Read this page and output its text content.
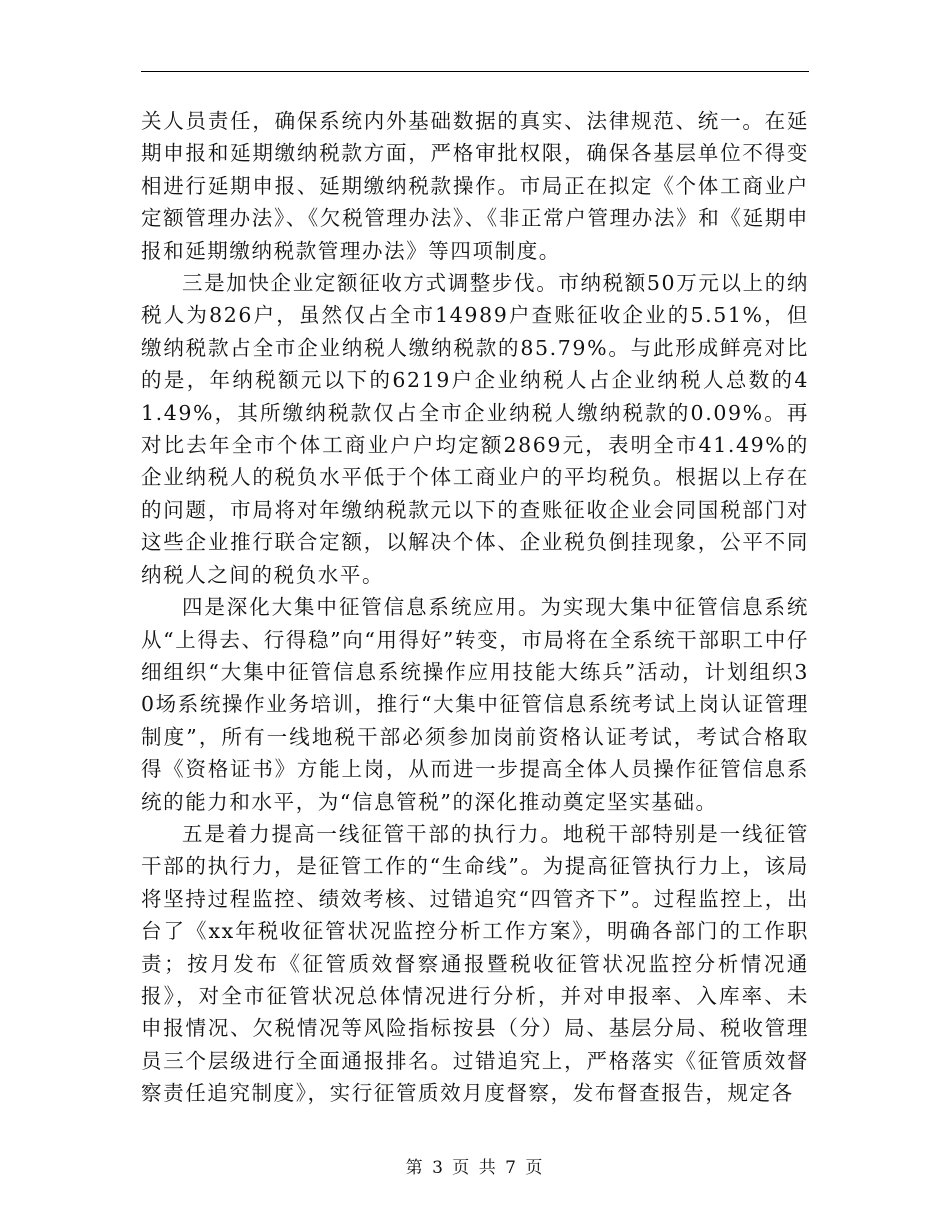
关人员责任，确保系统内外基础数据的真实、法律规范、统一。在延期申报和延期缴纳税款方面，严格审批权限，确保各基层单位不得变相进行延期申报、延期缴纳税款操作。市局正在拟定《个体工商业户定额管理办法》、《欠税管理办法》、《非正常户管理办法》和《延期申报和延期缴纳税款管理办法》等四项制度。

三是加快企业定额征收方式调整步伐。市纳税额50万元以上的纳税人为826户，虽然仅占全市14989户查账征收企业的5.51%，但缴纳税款占全市企业纳税人缴纳税款的85.79%。与此形成鲜亮对比的是，年纳税额元以下的6219户企业纳税人占企业纳税人总数的41.49%，其所缴纳税款仅占全市企业纳税人缴纳税款的0.09%。再对比去年全市个体工商业户户均定额2869元，表明全市41.49%的企业纳税人的税负水平低于个体工商业户的平均税负。根据以上存在的问题，市局将对年缴纳税款元以下的查账征收企业会同国税部门对这些企业推行联合定额，以解决个体、企业税负倒挂现象，公平不同纳税人之间的税负水平。

四是深化大集中征管信息系统应用。为实现大集中征管信息系统从“上得去、行得稳”向“用得好”转变，市局将在全系统干部职工中仔细组织“大集中征管信息系统操作应用技能大练兵”活动，计划组织30场系统操作业务培训，推行“大集中征管信息系统考试上岗认证管理制度”，所有一线地税干部必须参加岗前资格认证考试，考试合格取得《资格证书》方能上岗，从而进一步提高全体人员操作征管信息系统的能力和水平，为“信息管税”的深化推动奠定坚实基础。

五是着力提高一线征管干部的执行力。地税干部特别是一线征管干部的执行力，是征管工作的“生命线”。为提高征管执行力上，该局将坚持过程监控、绩效考核、过错追究“四管齐下”。过程监控上，出台了《xx年税收征管状况监控分析工作方案》，明确各部门的工作职责；按月发布《征管质效督察通报暨税收征管状况监控分析情况通报》，对全市征管状况总体情况进行分析，并对申报率、入库率、未申报情况、欠税情况等风险指标按县（分）局、基层分局、税收管理员三个层级进行全面通报排名。过错追究上，严格落实《征管质效督察责任追究制度》，实行征管质效月度督察，发布督查报告，规定各

第 3 页 共 7 页
